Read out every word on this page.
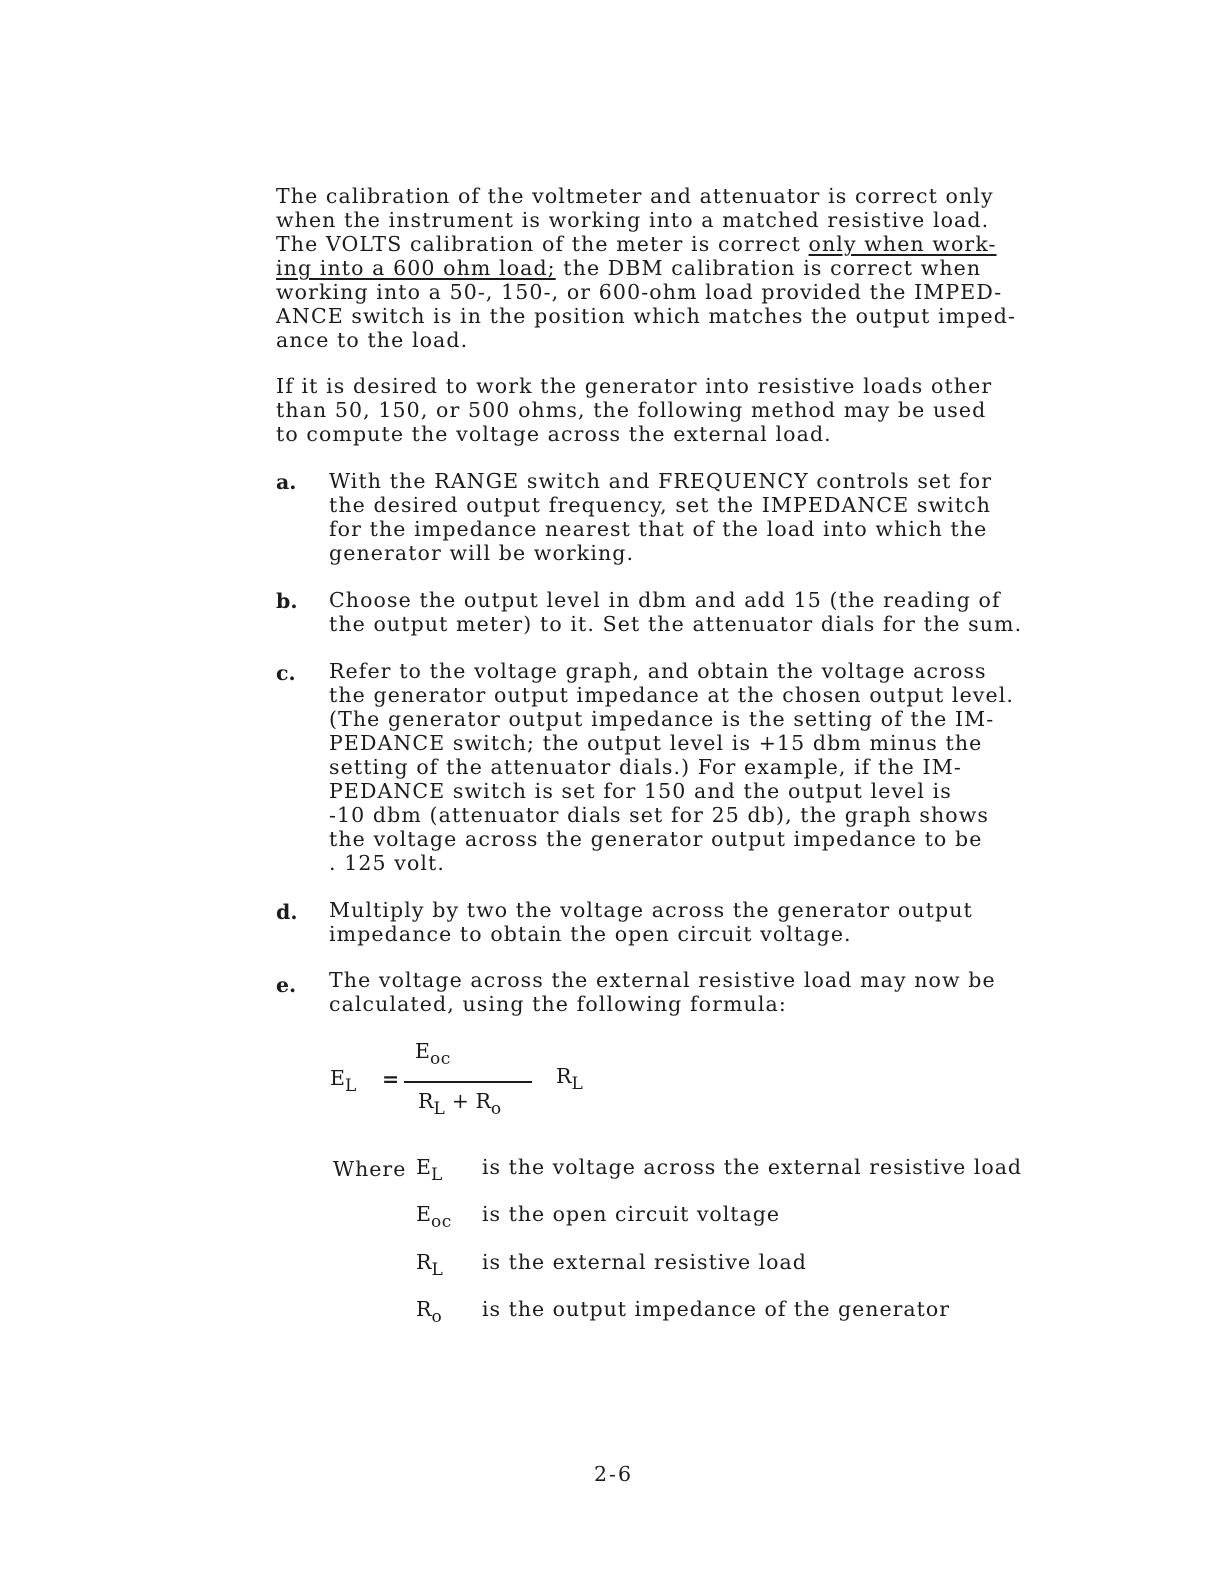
The calibration of the voltmeter and attenuator is correct only
when the instrument is working into a matched resistive load.
The VOLTS calibration of the meter is correct only when work-
ing into a 600 ohm load; the DBM calibration is correct when
working into a 50-, 150-, or 600-ohm load provided the IMPED-
ANCE switch is in the position which matches the output imped-
ance to the load.
If it is desired to work the generator into resistive loads other
than 50, 150, or 500 ohms, the following method may be used
to compute the voltage across the external load.
a. With the RANGE switch and FREQUENCY controls set for
the desired output frequency, set the IMPEDANCE switch
for the impedance nearest that of the load into which the
generator will be working.
b. Choose the output level in dbm and add 15 (the reading of
the output meter) to it. Set the attenuator dials for the sum.
c. Refer to the voltage graph, and obtain the voltage across
the generator output impedance at the chosen output level.
(The generator output impedance is the setting of the IM-
PEDANCE switch; the output level is +15 dbm minus the
setting of the attenuator dials.) For example, if the IM-
PEDANCE switch is set for 150 and the output level is
-10 dbm (attenuator dials set for 25 db), the graph shows
the voltage across the generator output impedance to be
. 125 volt.
d. Multiply by two the voltage across the generator output
impedance to obtain the open circuit voltage.
e. The voltage across the external resistive load may now be
calculated, using the following formula:
$E_L$ =
$E_{oc}$
$R_L + R_o$
$R_L$
Where $E_L$ is the voltage across the external resistive load
$E_{oc}$ is the open circuit voltage
$R_L$ is the external resistive load
$R_o$ is the output impedance of the generator
2-6
